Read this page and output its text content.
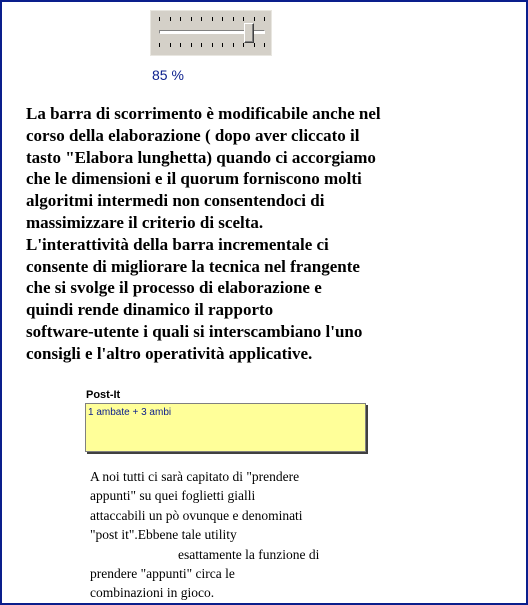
85 %
La barra di scorrimento è modificabile anche nel
corso della elaborazione ( dopo aver cliccato il
tasto "Elabora lunghetta) quando ci accorgiamo
che le dimensioni e il quorum forniscono molti
algoritmi intermedi non consentendoci di
massimizzare il criterio di scelta.
L'interattività della barra incrementale ci
consente di migliorare la tecnica nel frangente
che si svolge il processo di elaborazione e
quindi rende dinamico il rapporto
software-utente i quali si interscambiano l'uno
consigli e l'altro operatività applicative.
Post-It
1 ambate + 3 ambi
A noi tutti ci sarà capitato di "prendere
appunti" su quei foglietti gialli
attaccabili un pò ovunque e denominati
"post it".Ebbene tale utility
esattamente la funzione di
prendere "appunti" circa le
combinazioni in gioco.
